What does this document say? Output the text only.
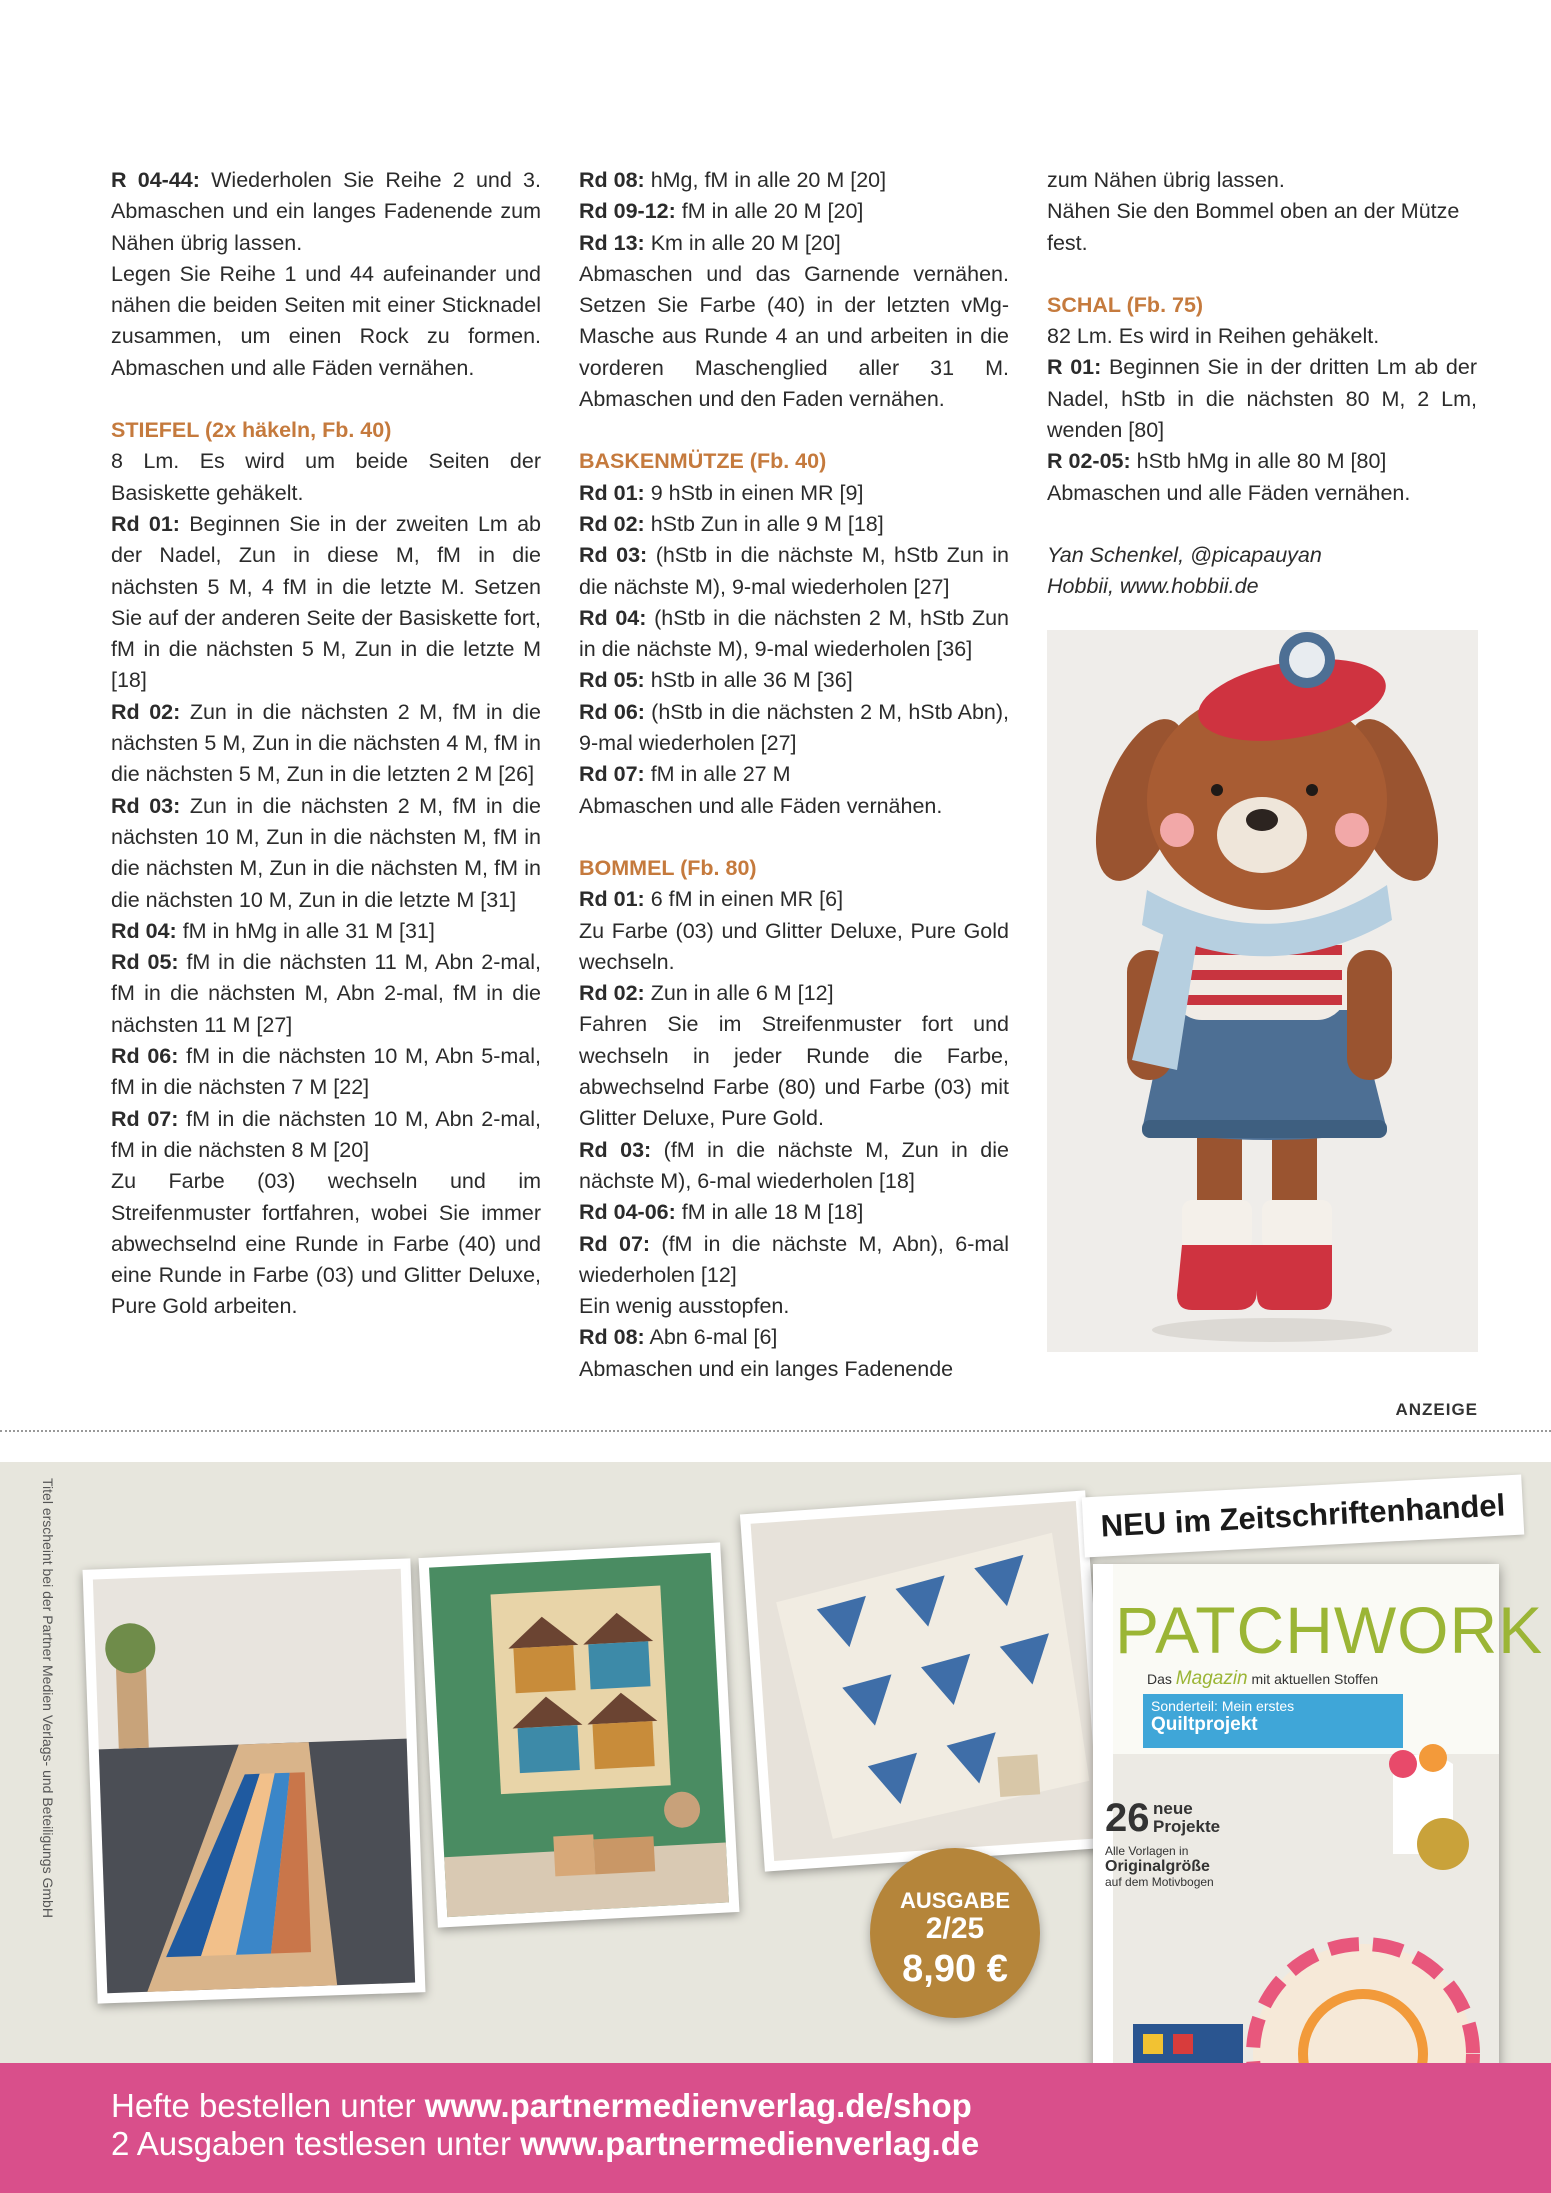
R 04-44: Wiederholen Sie Reihe 2 und 3. Abmaschen und ein langes Fadenende zum Nähen übrig lassen.

Legen Sie Reihe 1 und 44 aufeinander und nähen die beiden Seiten mit einer Sticknadel zusammen, um einen Rock zu formen. Abmaschen und alle Fäden vernähen.

STIEFEL (2x häkeln, Fb. 40)

8 Lm. Es wird um beide Seiten der Basiskette gehäkelt.

Rd 01: Beginnen Sie in der zweiten Lm ab der Nadel, Zun in diese M, fM in die nächsten 5 M, 4 fM in die letzte M. Setzen Sie auf der anderen Seite der Basiskette fort, fM in die nächsten 5 M, Zun in die letzte M [18]

Rd 02: Zun in die nächsten 2 M, fM in die nächsten 5 M, Zun in die nächsten 4 M, fM in die nächsten 5 M, Zun in die letzten 2 M [26]

Rd 03: Zun in die nächsten 2 M, fM in die nächsten 10 M, Zun in die nächsten M, fM in die nächsten M, Zun in die nächsten M, fM in die nächsten 10 M, Zun in die letzte M [31]

Rd 04: fM in hMg in alle 31 M [31]

Rd 05: fM in die nächsten 11 M, Abn 2-mal, fM in die nächsten M, Abn 2-mal, fM in die nächsten 11 M [27]

Rd 06: fM in die nächsten 10 M, Abn 5-mal, fM in die nächsten 7 M [22]

Rd 07: fM in die nächsten 10 M, Abn 2-mal, fM in die nächsten 8 M [20]

Zu Farbe (03) wechseln und im Streifenmuster fortfahren, wobei Sie immer abwechselnd eine Runde in Farbe (40) und eine Runde in Farbe (03) und Glitter Deluxe, Pure Gold arbeiten.

Rd 08: hMg, fM in alle 20 M [20]

Rd 09-12: fM in alle 20 M [20]

Rd 13: Km in alle 20 M [20]

Abmaschen und das Garnende vernähen. Setzen Sie Farbe (40) in der letzten vMg-Masche aus Runde 4 an und arbeiten in die vorderen Maschenglied aller 31 M. Abmaschen und den Faden vernähen.

BASKENMÜTZE (Fb. 40)

Rd 01: 9 hStb in einen MR [9]

Rd 02: hStb Zun in alle 9 M [18]

Rd 03: (hStb in die nächste M, hStb Zun in die nächste M), 9-mal wiederholen [27]

Rd 04: (hStb in die nächsten 2 M, hStb Zun in die nächste M), 9-mal wiederholen [36]

Rd 05: hStb in alle 36 M [36]

Rd 06: (hStb in die nächsten 2 M, hStb Abn), 9-mal wiederholen [27]

Rd 07: fM in alle 27 M

Abmaschen und alle Fäden vernähen.

BOMMEL (Fb. 80)

Rd 01: 6 fM in einen MR [6]

Zu Farbe (03) und Glitter Deluxe, Pure Gold wechseln.

Rd 02: Zun in alle 6 M [12]

Fahren Sie im Streifenmuster fort und wechseln in jeder Runde die Farbe, abwechselnd Farbe (80) und Farbe (03) mit Glitter Deluxe, Pure Gold.

Rd 03: (fM in die nächste M, Zun in die nächste M), 6-mal wiederholen [18]

Rd 04-06: fM in alle 18 M [18]

Rd 07: (fM in die nächste M, Abn), 6-mal wiederholen [12]

Ein wenig ausstopfen.

Rd 08: Abn 6-mal [6]

Abmaschen und ein langes Fadenende

zum Nähen übrig lassen.

Nähen Sie den Bommel oben an der Mütze fest.

SCHAL (Fb. 75)

82 Lm. Es wird in Reihen gehäkelt.

R 01: Beginnen Sie in der dritten Lm ab der Nadel, hStb in die nächsten 80 M, 2 Lm, wenden [80]

R 02-05: hStb hMg in alle 80 M [80]

Abmaschen und alle Fäden vernähen.

Yan Schenkel, @picapauyan

Hobbii, www.hobbii.de

ANZEIGE
Titel erscheint bei der Partner Medien Verlags- und Beteiligungs GmbH	NEU im Zeitschriftenhandel
PATCHWORK
Das Magazin mit aktuellen Stoffen
Sonderteil: Mein erstes
Quiltprojekt
26 neue
Projekte
Alle Vorlagen in
Originalgröße
auf dem Motivbogen
AUSGABE
2/25
8,90 €
Hefte bestellen unter www.partnermedienverlag.de/shop
2 Ausgaben testlesen unter www.partnermedienverlag.de
